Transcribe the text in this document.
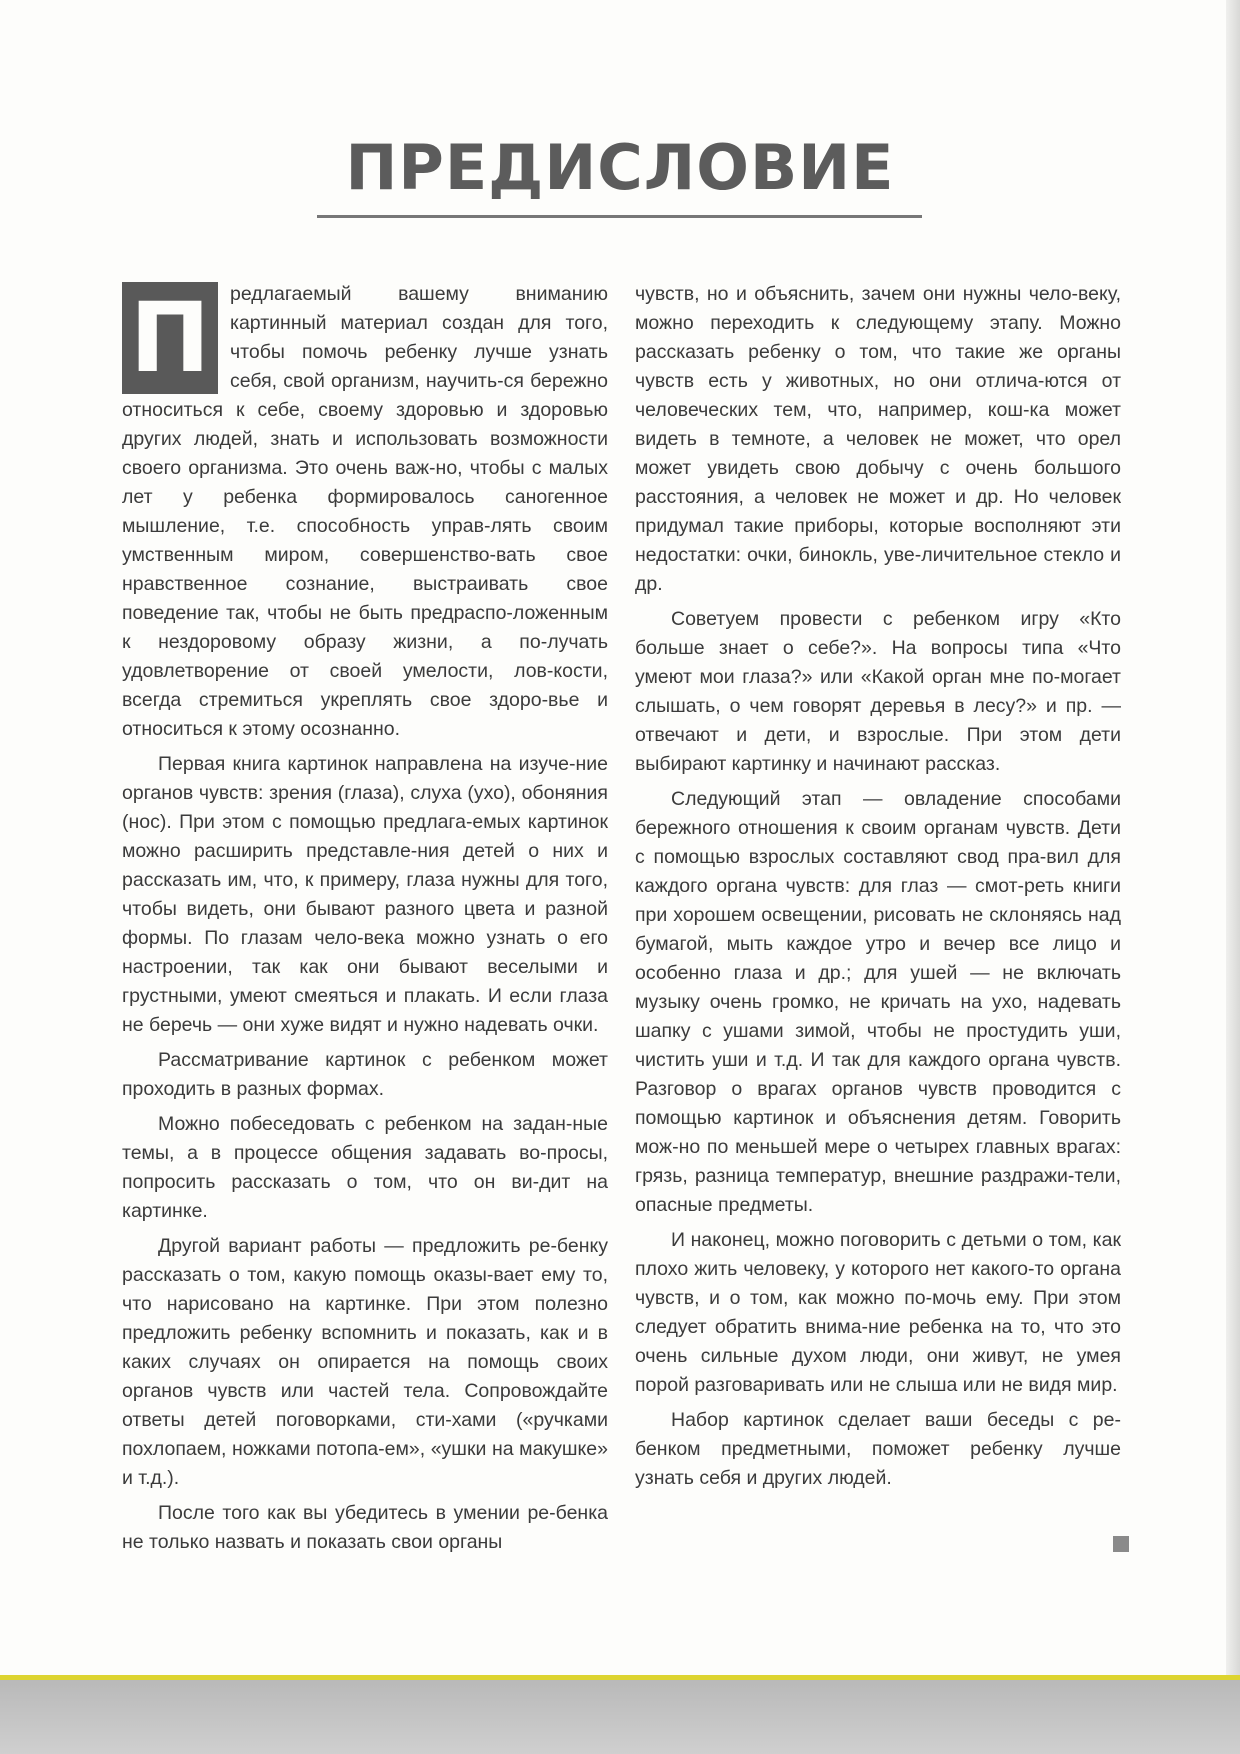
ПРЕДИСЛОВИЕ

П	редлагаемый вашему вниманию картинный материал создан для того, чтобы помочь ребенку лучше узнать себя, свой организм, научить-ся бережно относиться к себе, своему здоровью и здоровью других людей, знать и использовать возможности своего организма. Это очень важ-но, чтобы с малых лет у ребенка формировалось саногенное мышление, т.е. способность управ-лять своим умственным миром, совершенство-вать свое нравственное сознание, выстраивать свое поведение так, чтобы не быть предраспо-ложенным к нездоровому образу жизни, а по-лучать удовлетворение от своей умелости, лов-кости, всегда стремиться укреплять свое здоро-вье и относиться к этому осознанно.

Первая книга картинок направлена на изуче-ние органов чувств: зрения (глаза), слуха (ухо), обоняния (нос). При этом с помощью предлага-емых картинок можно расширить представле-ния детей о них и рассказать им, что, к примеру, глаза нужны для того, чтобы видеть, они бывают разного цвета и разной формы. По глазам чело-века можно узнать о его настроении, так как они бывают веселыми и грустными, умеют смеяться и плакать. И если глаза не беречь — они хуже видят и нужно надевать очки.

Рассматривание картинок с ребенком может проходить в разных формах.

Можно побеседовать с ребенком на задан-ные темы, а в процессе общения задавать во-просы, попросить рассказать о том, что он ви-дит на картинке.

Другой вариант работы — предложить ре-бенку рассказать о том, какую помощь оказы-вает ему то, что нарисовано на картинке. При этом полезно предложить ребенку вспомнить и показать, как и в каких случаях он опирается на помощь своих органов чувств или частей тела. Сопровождайте ответы детей поговорками, сти-хами («ручками похлопаем, ножками потопа-ем», «ушки на макушке» и т.д.).

После того как вы убедитесь в умении ре-бенка не только назвать и показать свои органы

чувств, но и объяснить, зачем они нужны чело-веку, можно переходить к следующему этапу. Можно рассказать ребенку о том, что такие же органы чувств есть у животных, но они отлича-ются от человеческих тем, что, например, кош-ка может видеть в темноте, а человек не может, что орел может увидеть свою добычу с очень большого расстояния, а человек не может и др. Но человек придумал такие приборы, которые восполняют эти недостатки: очки, бинокль, уве-личительное стекло и др.

Советуем провести с ребенком игру «Кто больше знает о себе?». На вопросы типа «Что умеют мои глаза?» или «Какой орган мне по-могает слышать, о чем говорят деревья в лесу?» и пр. — отвечают и дети, и взрослые. При этом дети выбирают картинку и начинают рассказ.

Следующий этап — овладение способами бережного отношения к своим органам чувств. Дети с помощью взрослых составляют свод пра-вил для каждого органа чувств: для глаз — смот-реть книги при хорошем освещении, рисовать не склоняясь над бумагой, мыть каждое утро и вечер все лицо и особенно глаза и др.; для ушей — не включать музыку очень громко, не кричать на ухо, надевать шапку с ушами зимой, чтобы не простудить уши, чистить уши и т.д. И так для каждого органа чувств. Разговор о врагах органов чувств проводится с помощью картинок и объяснения детям. Говорить мож-но по меньшей мере о четырех главных врагах: грязь, разница температур, внешние раздражи-тели, опасные предметы.

И наконец, можно поговорить с детьми о том, как плохо жить человеку, у которого нет какого-то органа чувств, и о том, как можно по-мочь ему. При этом следует обратить внима-ние ребенка на то, что это очень сильные духом люди, они живут, не умея порой разговаривать или не слыша или не видя мир.

Набор картинок сделает ваши беседы с ре-бенком предметными, поможет ребенку лучше узнать себя и других людей.
